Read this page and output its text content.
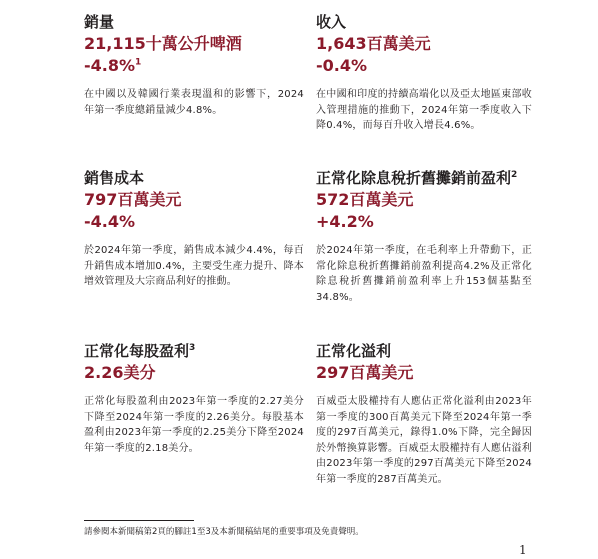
銷量
21,115十萬公升啤酒
-4.8%$^1$
在中國以及韓國行業表現溫和的影響下，2024年第一季度總銷量減少4.8%。
收入
1,643百萬美元
-0.4%
在中國和印度的持續高端化以及亞太地區東部收入管理措施的推動下，2024年第一季度收入下降0.4%，而每百升收入增長4.6%。
銷售成本
797百萬美元
-4.4%
於2024年第一季度，銷售成本減少4.4%，每百升銷售成本增加0.4%，主要受生產力提升、降本增效管理及大宗商品利好的推動。
正常化除息稅折舊攤銷前盈利$^2$
572百萬美元
+4.2%
於2024年第一季度，在毛利率上升帶動下，正常化除息稅折舊攤銷前盈利提高4.2%及正常化除息稅折舊攤銷前盈利率上升153個基點至34.8%。
正常化每股盈利$^3$
2.26美分
正常化每股盈利由2023年第一季度的2.27美分下降至2024年第一季度的2.26美分。每股基本盈利由2023年第一季度的2.25美分下降至2024年第一季度的2.18美分。
正常化溢利
297百萬美元
百威亞太股權持有人應佔正常化溢利由2023年第一季度的300百萬美元下降至2024年第一季度的297百萬美元，錄得1.0%下降，完全歸因於外幣換算影響。百威亞太股權持有人應佔溢利由2023年第一季度的297百萬美元下降至2024年第一季度的287百萬美元。
請參閱本新聞稿第2頁的腳註1至3及本新聞稿結尾的重要事項及免責聲明。
1
